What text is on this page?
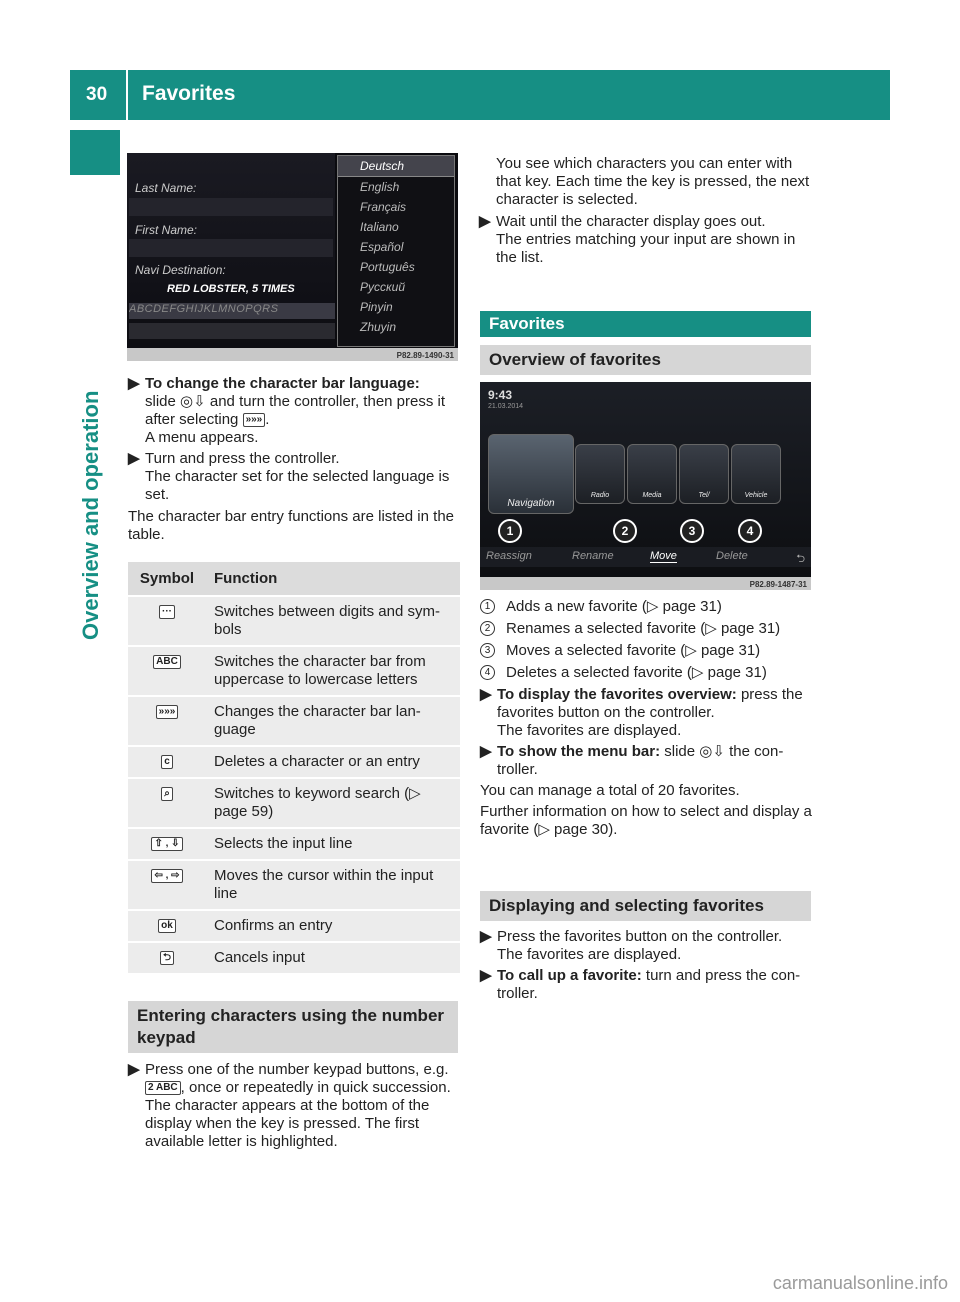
30 Favorites
Overview and operation
Last Name:
First Name:
Navi Destination:
RED LOBSTER, 5 TIMES
ABCDEFGHIJKLMNOPQRS
Deutsch
English
Français
Italiano
Español
Português
Русский
Pinyin
Zhuyin
P82.89-1490-31
▶ To change the character bar language:
slide ◎⇩ and turn the controller, then press it after selecting »»» .
A menu appears.
▶ Turn and press the controller.
The character set for the selected language is set.
The character bar entry functions are listed in the table.
Symbol	Function
···	Switches between digits and sym-bols
ABC	Switches the character bar from uppercase to lowercase letters
»»»	Changes the character bar lan-guage
c	Deletes a character or an entry
⌕	Switches to keyword search (▷ page 59)
⇧ , ⇩	Selects the input line
⇦ , ⇨	Moves the cursor within the input line
ok	Confirms an entry
⮌	Cancels input
Entering characters using the number keypad
▶ Press one of the number keypad buttons, e.g.
2 ABC , once or repeatedly in quick succession.
The character appears at the bottom of the display when the key is pressed. The first available letter is highlighted.
You see which characters you can enter with that key. Each time the key is pressed, the next character is selected.
▶ Wait until the character display goes out.
The entries matching your input are shown in the list.
Favorites
Overview of favorites
9:43
21.03.2014
Navigation
Radio	Media	Tel/	Vehicle
1	2	3	4
Reassign	Rename	Move	Delete	⮌
P82.89-1487-31
1	Adds a new favorite (▷ page 31)
2	Renames a selected favorite (▷ page 31)
3	Moves a selected favorite (▷ page 31)
4	Deletes a selected favorite (▷ page 31)
▶ To display the favorites overview: press the favorites button on the controller.
The favorites are displayed.
▶ To show the menu bar: slide ◎⇩ the con-troller.
You can manage a total of 20 favorites.
Further information on how to select and display a favorite (▷ page 30).
Displaying and selecting favorites
▶ Press the favorites button on the controller.
The favorites are displayed.
▶ To call up a favorite: turn and press the con-troller.
carmanualsonline.info
